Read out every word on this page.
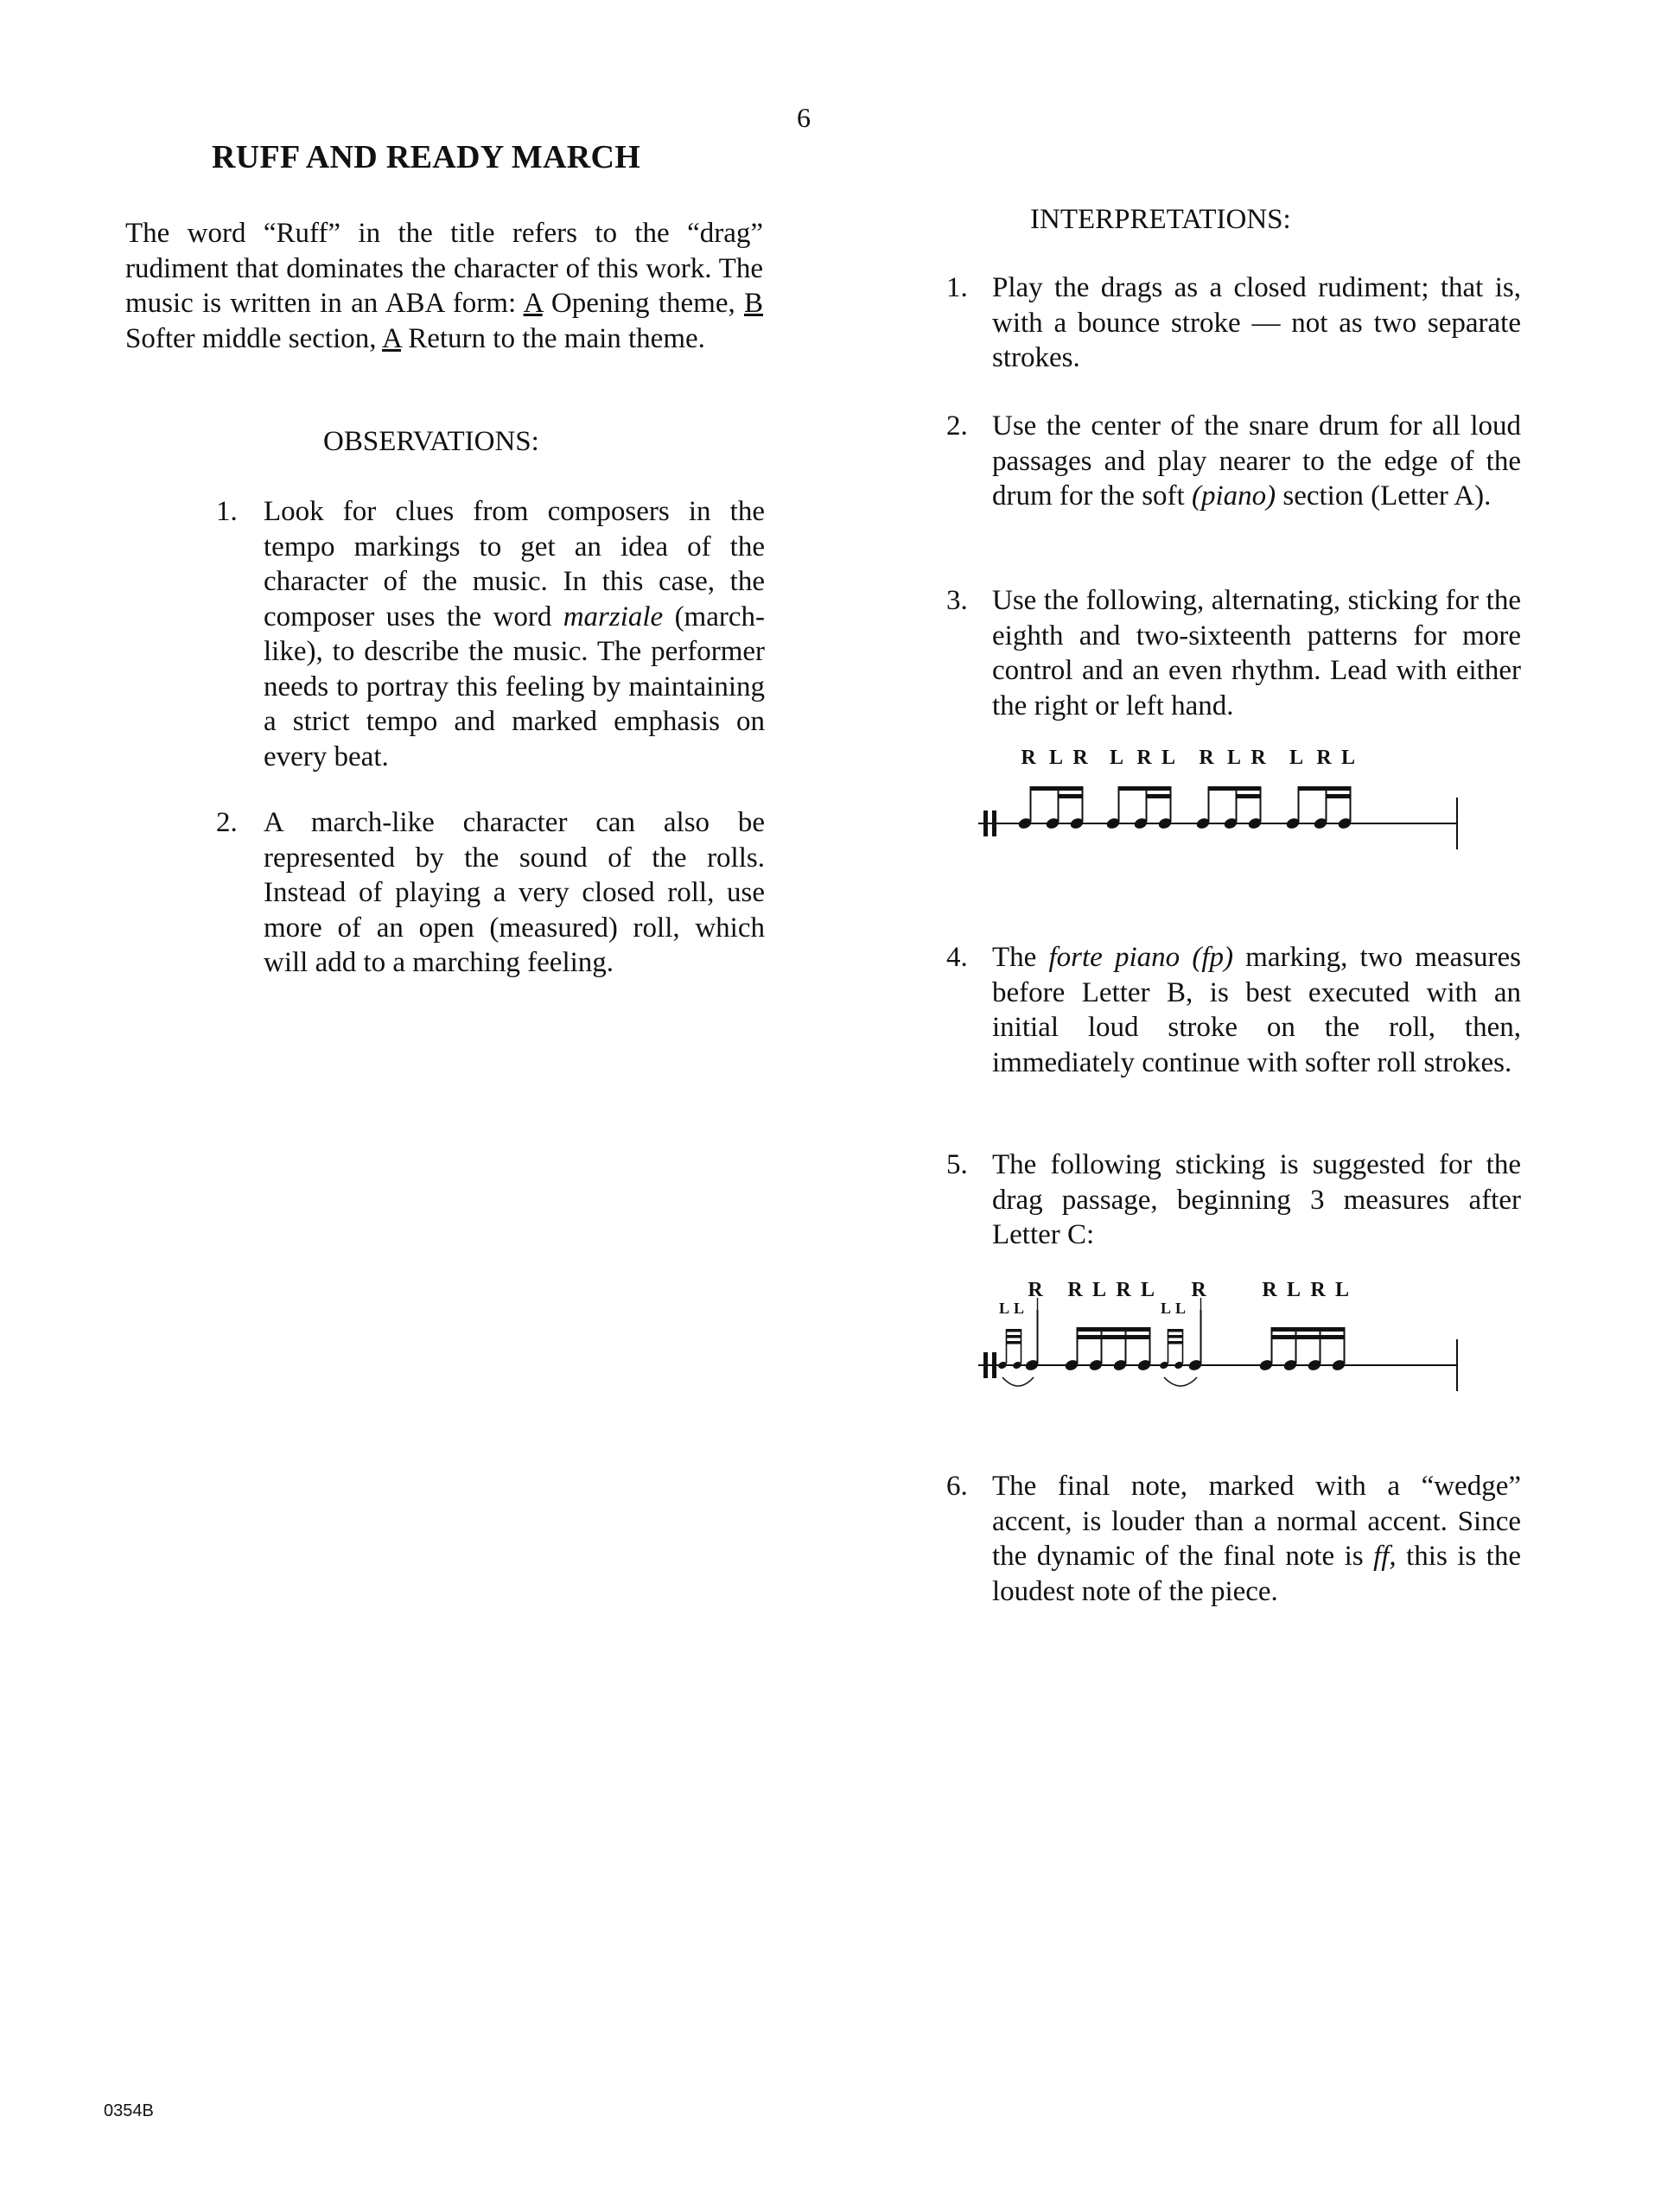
6
RUFF AND READY MARCH
The word “Ruff” in the title refers to the “drag”
rudiment that dominates the character of this work. The music is written in an ABA form: A Opening theme, B Softer middle section, A Return to the main theme.
OBSERVATIONS:
1. Look for clues from composers in the tempo markings to get an idea of the character of the music. In this case, the composer uses the word marziale (march-like), to describe the music. The performer needs to portray this feeling by maintaining a strict tempo and marked emphasis on every beat.
2. A march-like character can also be represented by the sound of the rolls. Instead of playing a very closed roll, use more of an open (measured) roll, which will add to a marching feeling.
INTERPRETATIONS:
1. Play the drags as a closed rudiment; that is, with a bounce stroke — not as two separate strokes.
2. Use the center of the snare drum for all loud passages and play nearer to the edge of the drum for the soft (piano) section (Letter A).
3. Use the following, alternating, sticking for the eighth and two-sixteenth patterns for more control and an even rhythm. Lead with either the right or left hand.
R L R L R L R L R L R L
4. The forte piano (fp) marking, two measures before Letter B, is best executed with an initial loud stroke on the roll, then, immediately continue with softer roll strokes.
5. The following sticking is suggested for the drag passage, beginning 3 measures after Letter C:
L L
R R L R L
L L
R	R L R L
6. The final note, marked with a “wedge” accent, is louder than a normal accent. Since the dynamic of the final note is ff, this is the loudest note of the piece.
0354B
